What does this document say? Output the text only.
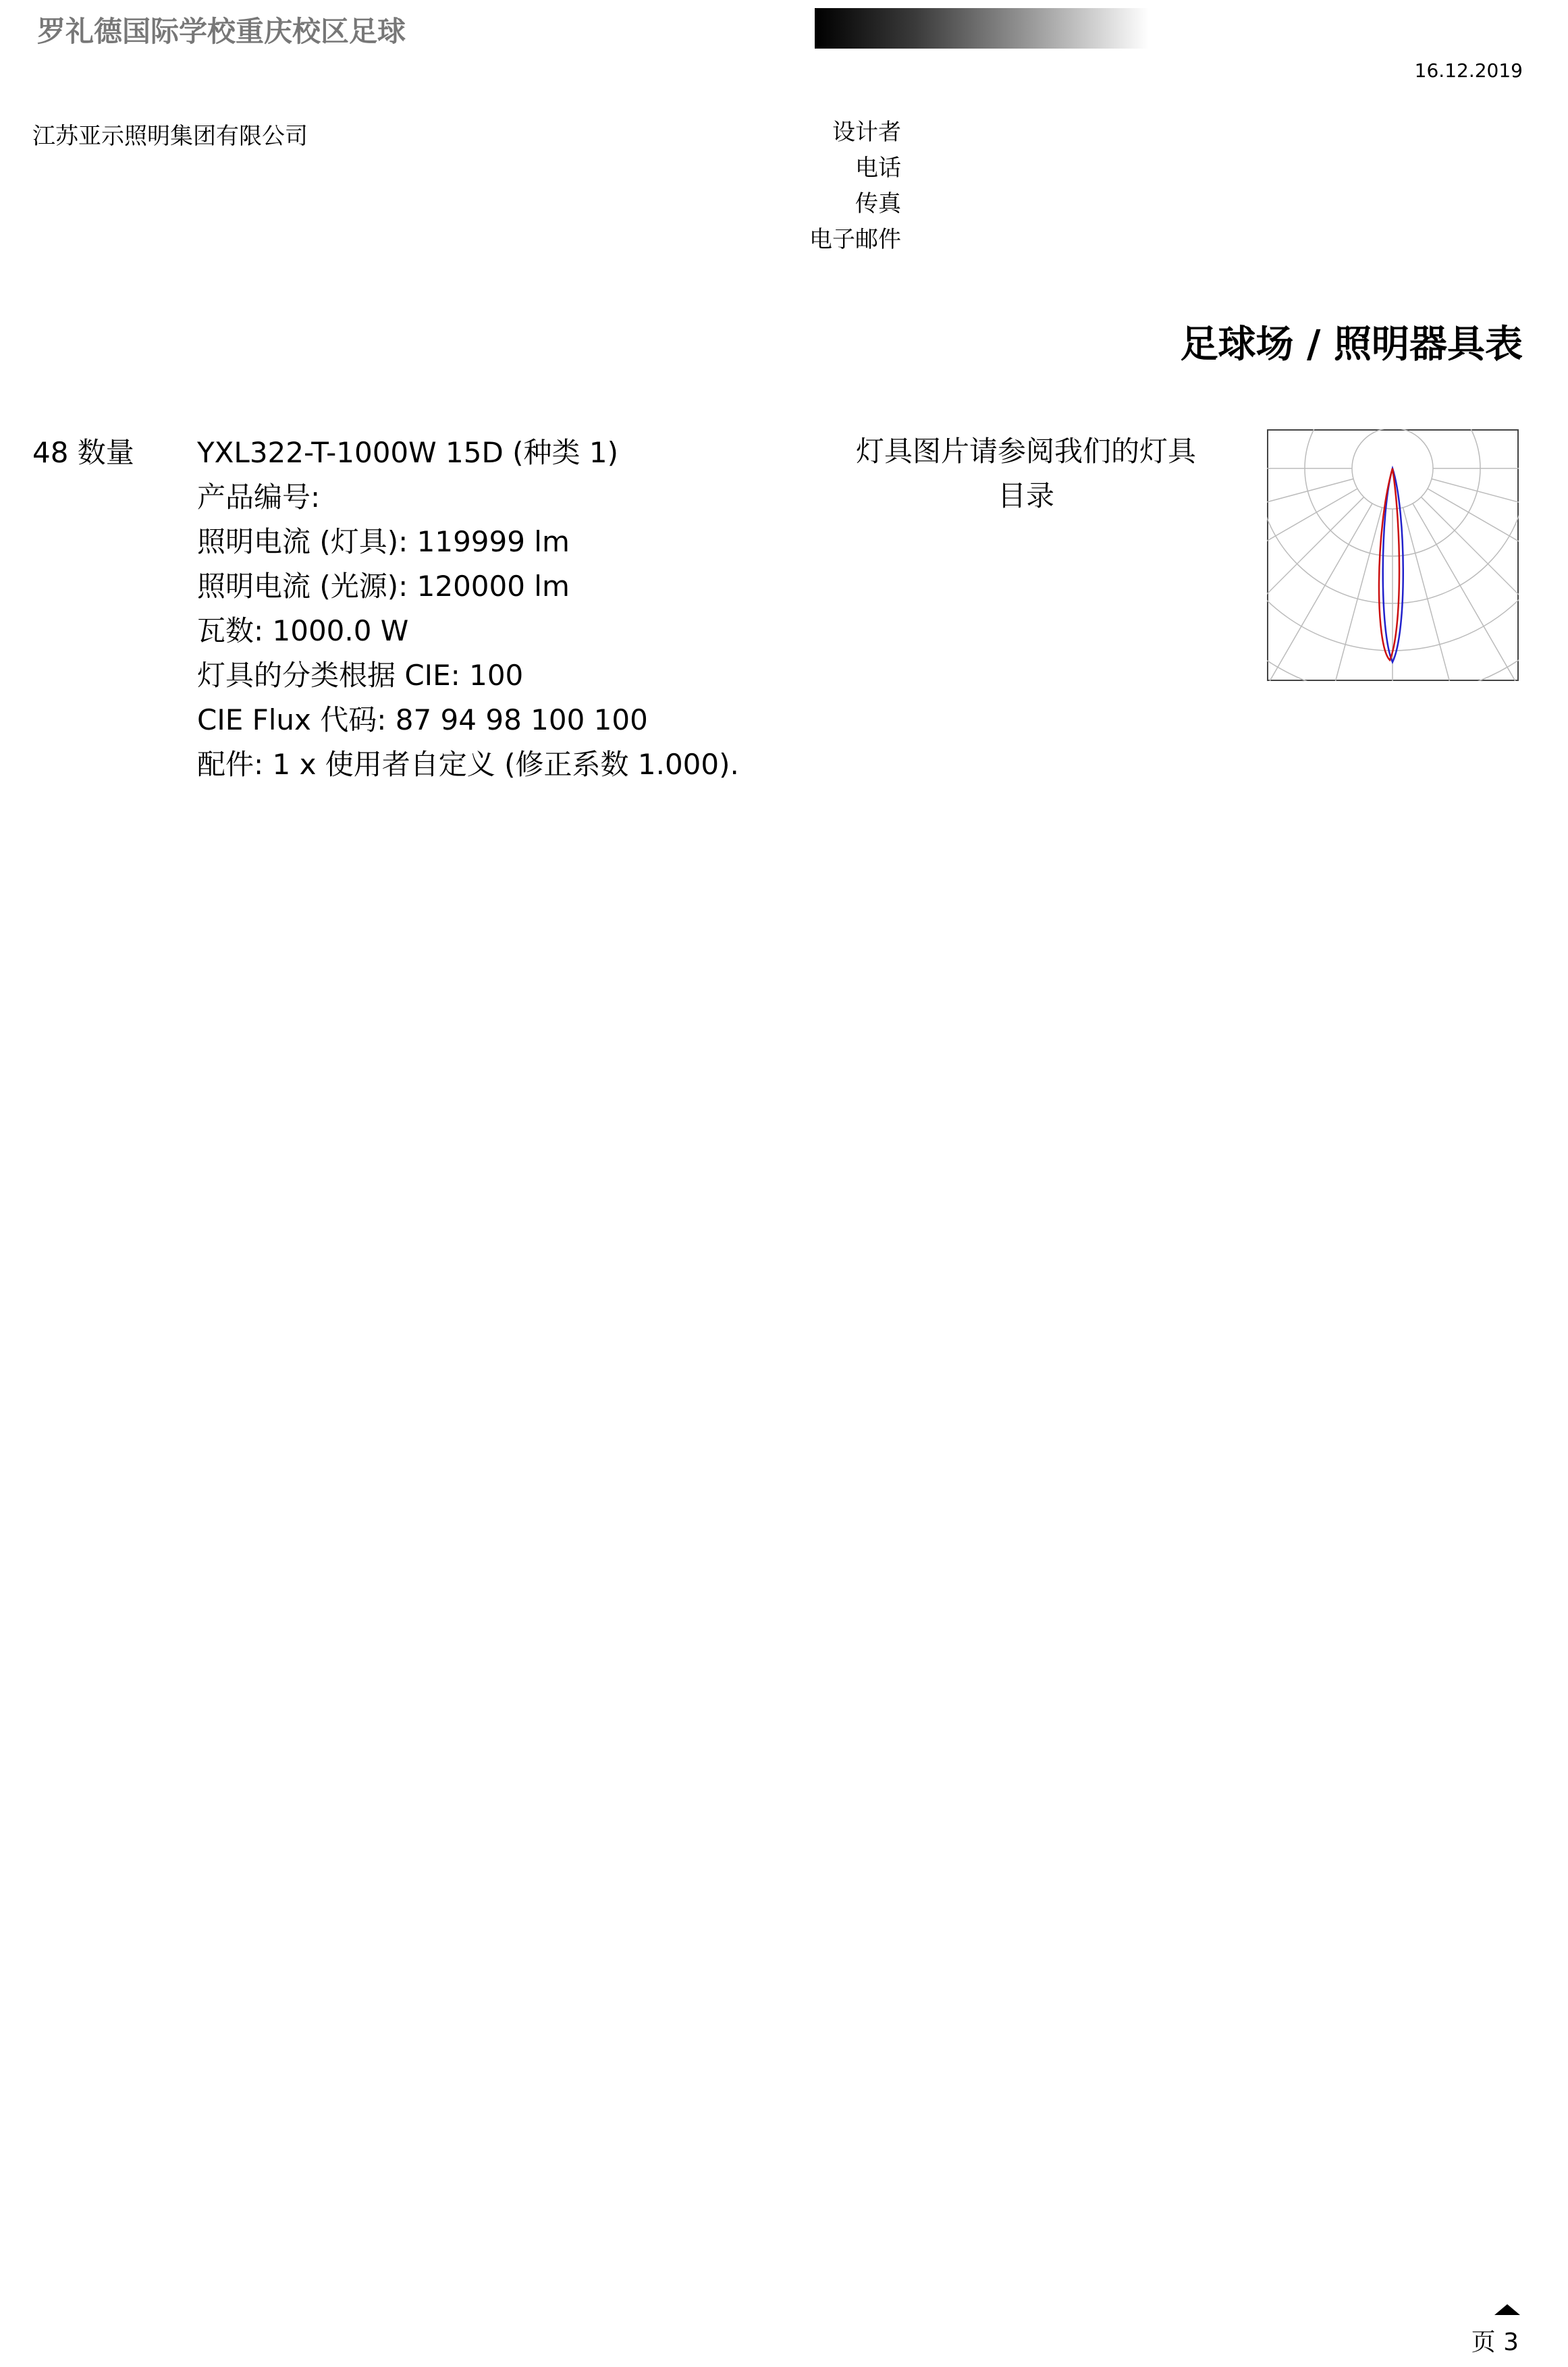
罗礼德国际学校重庆校区足球
16.12.2019
江苏亚示照明集团有限公司	设计者
电话
传真
电子邮件
足球场 / 照明器具表
48 数量 YXL322-T-1000W 15D (种类 1)
产品编号:
照明电流 (灯具): 119999 lm
照明电流 (光源): 120000 lm
瓦数: 1000.0 W
灯具的分类根据 CIE: 100
CIE Flux 代码: 87 94 98 100 100
配件: 1 x 使用者自定义 (修正系数 1.000).
灯具图片请参阅我们的灯具目录
页 3
